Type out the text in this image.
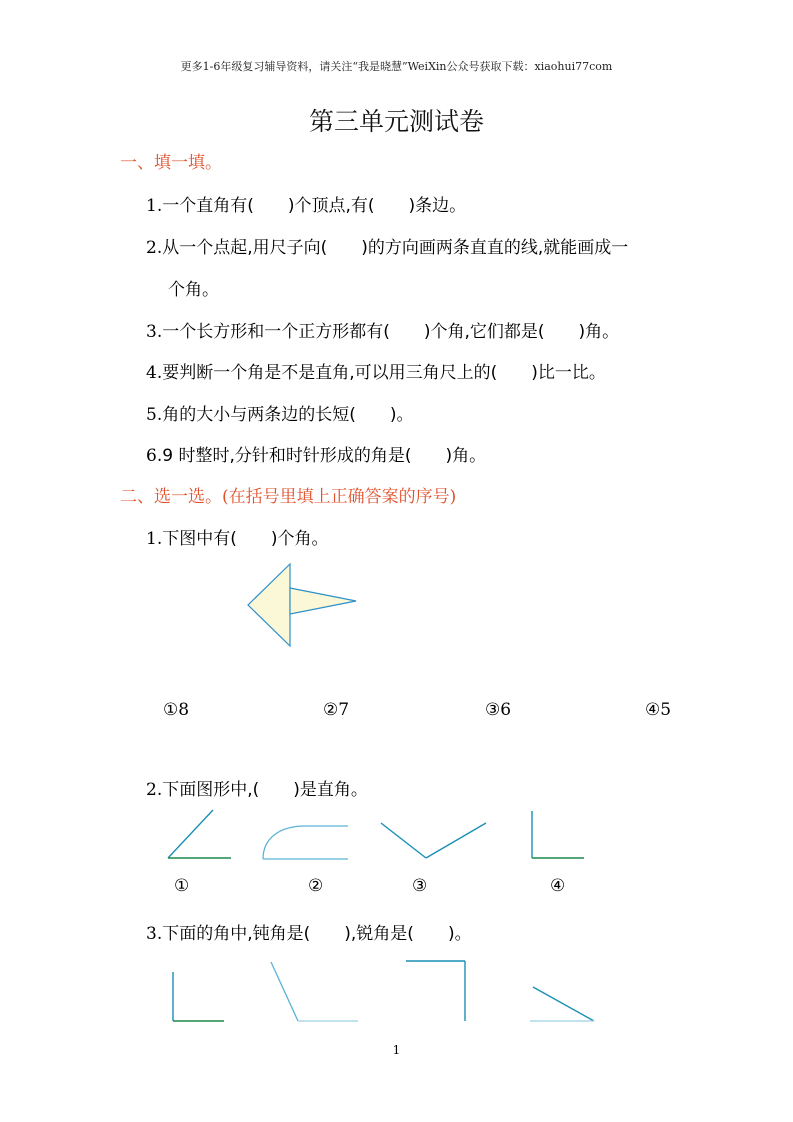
更多1-6年级复习辅导资料，请关注“我是晓慧”WeiXin公众号获取下载：xiaohui77com
第三单元测试卷
一、填一填。
1.一个直角有(　　)个顶点,有(　　)条边。
2.从一个点起,用尺子向(　　)的方向画两条直直的线,就能画成一
个角。
3.一个长方形和一个正方形都有(　　)个角,它们都是(　　)角。
4.要判断一个角是不是直角,可以用三角尺上的(　　)比一比。
5.角的大小与两条边的长短(　　)。
6.9 时整时,分针和时针形成的角是(　　)角。
二、选一选。(在括号里填上正确答案的序号)
1.下图中有(　　)个角。
①8	②7	③6	④5
2.下面图形中,(　　)是直角。
①	②	③	④
3.下面的角中,钝角是(　　),锐角是(　　)。
1
